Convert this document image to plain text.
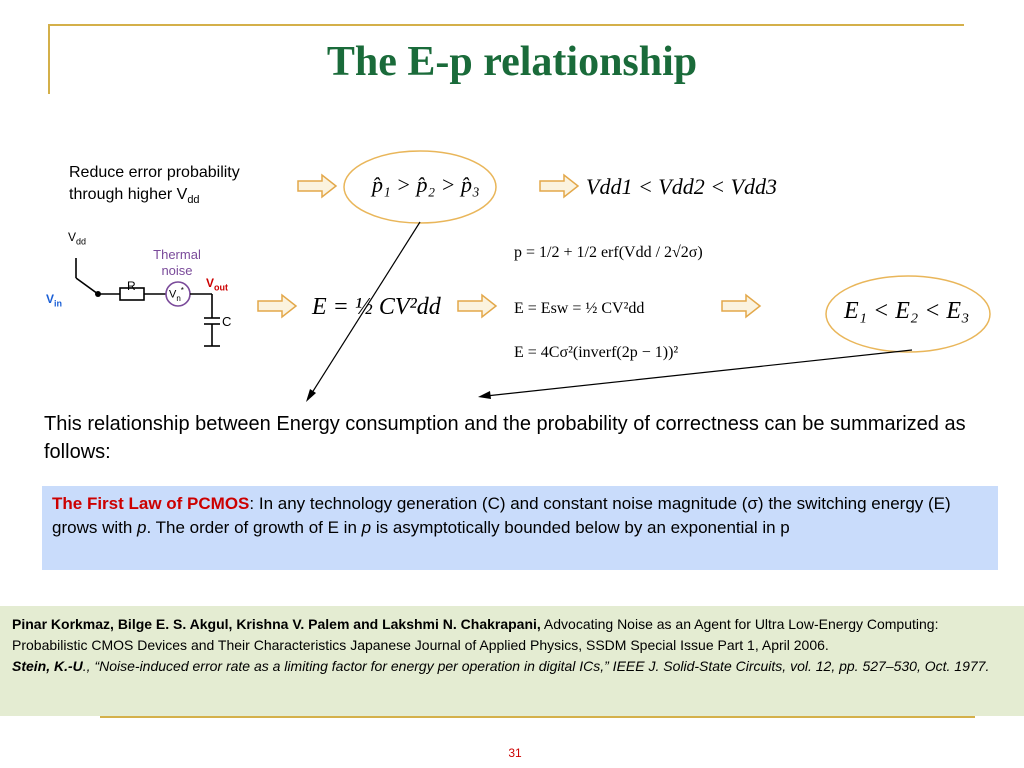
The E-p relationship
Reduce error probability
through higher $V_{dd}$
$V_{dd}$
$V_{in}$
Thermal
noise
$V_{out}$
R
C
$V_n^*$
p̂₁ > p̂₂ > p̂₃	Vdd1 < Vdd2 < Vdd3
E = ½ CV²dd
p = 1/2 + 1/2 erf(Vdd / 2√2σ)
E = Esw = ½ CV²dd
E = 4Cσ²(inverf(2p − 1))²
E₁ < E₂ < E₃
This relationship between Energy consumption and the probability of correctness can be summarized as follows:
The First Law of PCMOS: In any technology generation (C) and constant noise magnitude (σ) the switching energy (E) grows with p. The order of growth of E in p is asymptotically bounded below by an exponential in p
Pinar Korkmaz, Bilge E. S. Akgul, Krishna V. Palem and Lakshmi N. Chakrapani, Advocating Noise as an Agent for Ultra Low-Energy Computing: Probabilistic CMOS Devices and Their Characteristics Japanese Journal of Applied Physics, SSDM Special Issue Part 1, April 2006.
Stein, K.-U., “Noise-induced error rate as a limiting factor for energy per operation in digital ICs,” IEEE J. Solid-State Circuits, vol. 12, pp. 527–530, Oct. 1977.
31
